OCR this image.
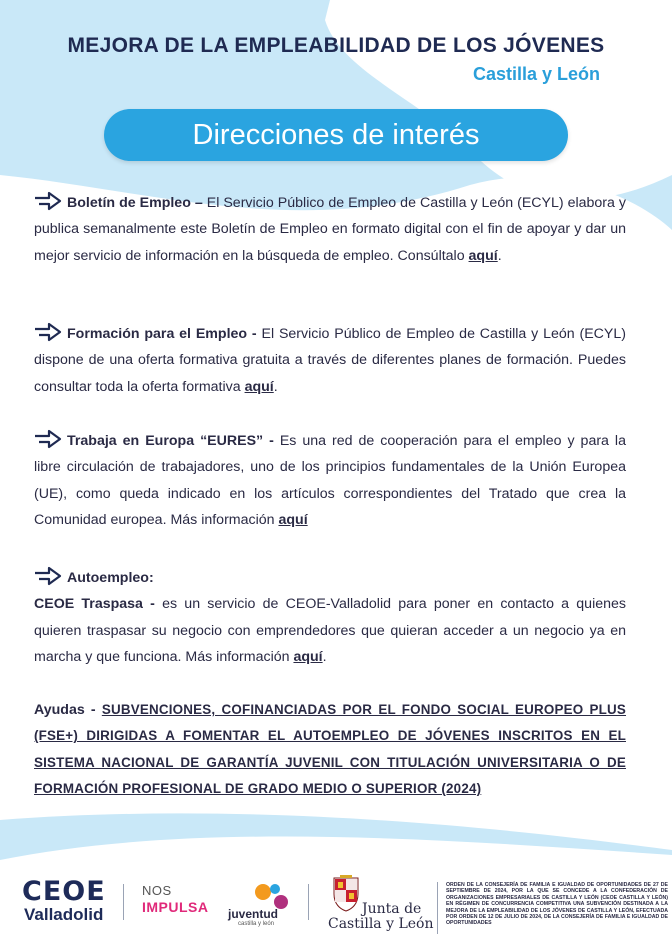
MEJORA DE LA EMPLEABILIDAD DE LOS JÓVENES
Castilla y León
Direcciones de interés

Boletín de Empleo – El Servicio Público de Empleo de Castilla y León (ECYL) elabora y publica semanalmente este Boletín de Empleo en formato digital con el fin de apoyar y dar un mejor servicio de información en la búsqueda de empleo. Consúltalo aquí.

Formación para el Empleo - El Servicio Público de Empleo de Castilla y León (ECYL) dispone de una oferta formativa gratuita a través de diferentes planes de formación. Puedes consultar toda la oferta formativa aquí.

Trabaja en Europa “EURES” - Es una red de cooperación para el empleo y para la libre circulación de trabajadores, uno de los principios fundamentales de la Unión Europea (UE), como queda indicado en los artículos correspondientes del Tratado que crea la Comunidad europea. Más información aquí

Autoempleo:

CEOE Traspasa - es un servicio de CEOE-Valladolid para poner en contacto a quienes quieren traspasar su negocio con emprendedores que quieran acceder a un negocio ya en marcha y que funciona. Más información aquí.

Ayudas - SUBVENCIONES, COFINANCIADAS POR EL FONDO SOCIAL EUROPEO PLUS (FSE+) DIRIGIDAS A FOMENTAR EL AUTOEMPLEO DE JÓVENES INSCRITOS EN EL SISTEMA NACIONAL DE GARANTÍA JUVENIL CON TITULACIÓN UNIVERSITARIA O DE FORMACIÓN PROFESIONAL DE GRADO MEDIO O SUPERIOR (2024)

CEOE
Valladolid
NOS
IMPULSA juventud
castilla y león
Junta de
Castilla y León
ORDEN DE LA CONSEJERÍA DE FAMILIA E IGUALDAD DE OPORTUNIDADES DE 27 DE SEPTIEMBRE DE 2024, POR LA QUE SE CONCEDE A LA CONFEDERACIÓN DE ORGANIZACIONES EMPRESARIALES DE CASTILLA Y LEÓN (CEOE CASTILLA Y LEÓN) EN RÉGIMEN DE CONCURRENCIA COMPETITIVA UNA SUBVENCIÓN DESTINADA A LA MEJORA DE LA EMPLEABILIDAD DE LOS JÓVENES DE CASTILLA Y LEÓN, EFECTUADA POR ORDEN DE 12 DE JULIO DE 2024, DE LA CONSEJERÍA DE FAMILIA E IGUALDAD DE OPORTUNIDADES
